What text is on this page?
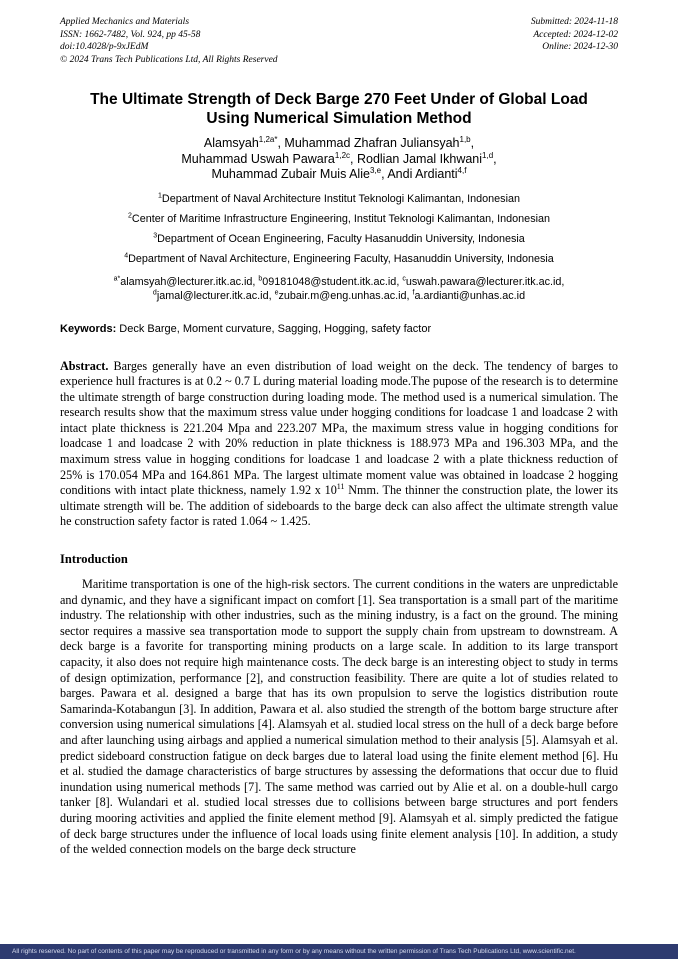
Applied Mechanics and Materials
ISSN: 1662-7482, Vol. 924, pp 45-58
doi:10.4028/p-9xJEdM
© 2024 Trans Tech Publications Ltd, All Rights Reserved
Submitted: 2024-11-18
Accepted: 2024-12-02
Online: 2024-12-30
The Ultimate Strength of Deck Barge 270 Feet Under of Global Load Using Numerical Simulation Method
Alamsyah$^{1,2a*}$, Muhammad Zhafran Juliansyah$^{1,b}$,
Muhammad Uswah Pawara$^{1,2c}$, Rodlian Jamal Ikhwani$^{1,d}$,
Muhammad Zubair Muis Alie$^{3,e}$, Andi Ardianti$^{4,f}$
$^1$Department of Naval Architecture Institut Teknologi Kalimantan, Indonesian
$^2$Center of Maritime Infrastructure Engineering, Institut Teknologi Kalimantan, Indonesian
$^3$Department of Ocean Engineering, Faculty Hasanuddin University, Indonesia
$^4$Department of Naval Architecture, Engineering Faculty, Hasanuddin University, Indonesia
$^{a*}$alamsyah@lecturer.itk.ac.id, $^b$09181048@student.itk.ac.id, $^c$uswah.pawara@lecturer.itk.ac.id,
$^d$jamal@lecturer.itk.ac.id, $^e$zubair.m@eng.unhas.ac.id, $^f$a.ardianti@unhas.ac.id
Keywords: Deck Barge, Moment curvature, Sagging, Hogging, safety factor

Abstract. Barges generally have an even distribution of load weight on the deck. The tendency of barges to experience hull fractures is at 0.2 ~ 0.7 L during material loading mode.The pupose of the research is to determine the ultimate strength of barge construction during loading mode. The method used is a numerical simulation. The research results show that the maximum stress value under hogging conditions for loadcase 1 and loadcase 2 with intact plate thickness is 221.204 Mpa and 223.207 MPa, the maximum stress value in hogging conditions for loadcase 1 and loadcase 2 with 20% reduction in plate thickness is 188.973 MPa and 196.303 MPa, and the maximum stress value in hogging conditions for loadcase 1 and loadcase 2 with a plate thickness reduction of 25% is 170.054 MPa and 164.861 MPa. The largest ultimate moment value was obtained in loadcase 2 hogging conditions with intact plate thickness, namely 1.92 x $10^{11}$ Nmm. The thinner the construction plate, the lower its ultimate strength will be. The addition of sideboards to the barge deck can also affect the ultimate strength value he construction safety factor is rated 1.064 ~ 1.425.

Introduction

Maritime transportation is one of the high-risk sectors. The current conditions in the waters are unpredictable and dynamic, and they have a significant impact on comfort [1]. Sea transportation is a small part of the maritime industry. The relationship with other industries, such as the mining industry, is a fact on the ground. The mining sector requires a massive sea transportation mode to support the supply chain from upstream to downstream. A deck barge is a favorite for transporting mining products on a large scale. In addition to its large transport capacity, it also does not require high maintenance costs. The deck barge is an interesting object to study in terms of design optimization, performance [2], and construction feasibility. There are quite a lot of studies related to barges. Pawara et al. designed a barge that has its own propulsion to serve the logistics distribution route Samarinda-Kotabangun [3]. In addition, Pawara et al. also studied the strength of the bottom barge structure after conversion using numerical simulations [4]. Alamsyah et al. studied local stress on the hull of a deck barge before and after launching using airbags and applied a numerical simulation method to their analysis [5]. Alamsyah et al. predict sideboard construction fatigue on deck barges due to lateral load using the finite element method [6]. Hu et al. studied the damage characteristics of barge structures by assessing the deformations that occur due to fluid inundation using numerical methods [7]. The same method was carried out by Alie et al. on a double-hull cargo tanker [8]. Wulandari et al. studied local stresses due to collisions between barge structures and port fenders during mooring activities and applied the finite element method [9]. Alamsyah et al. simply predicted the fatigue of deck barge structures under the influence of local loads using finite element analysis [10]. In addition, a study of the welded connection models on the barge deck structure

All rights reserved. No part of contents of this paper may be reproduced or transmitted in any form or by any means without the written permission of Trans Tech Publications Ltd, www.scientific.net.
